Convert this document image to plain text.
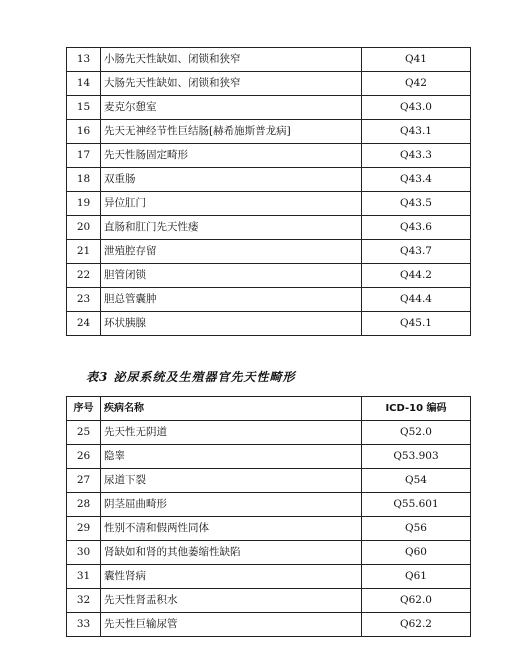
13	小肠先天性缺如、闭锁和狭窄	Q41
14	大肠先天性缺如、闭锁和狭窄	Q42
15	麦克尔憩室	Q43.0
16	先天无神经节性巨结肠[赫希施斯普龙病]	Q43.1
17	先天性肠固定畸形	Q43.3
18	双重肠	Q43.4
19	异位肛门	Q43.5
20	直肠和肛门先天性瘘	Q43.6
21	泄殖腔存留	Q43.7
22	胆管闭锁	Q44.2
23	胆总管囊肿	Q44.4
24	环状胰腺	Q45.1

表3 泌尿系统及生殖器官先天性畸形

序号	疾病名称	ICD-10 编码
25	先天性无阴道	Q52.0
26	隐睾	Q53.903
27	尿道下裂	Q54
28	阴茎屈曲畸形	Q55.601
29	性别不清和假两性同体	Q56
30	肾缺如和肾的其他萎缩性缺陷	Q60
31	囊性肾病	Q61
32	先天性肾盂积水	Q62.0
33	先天性巨输尿管	Q62.2
